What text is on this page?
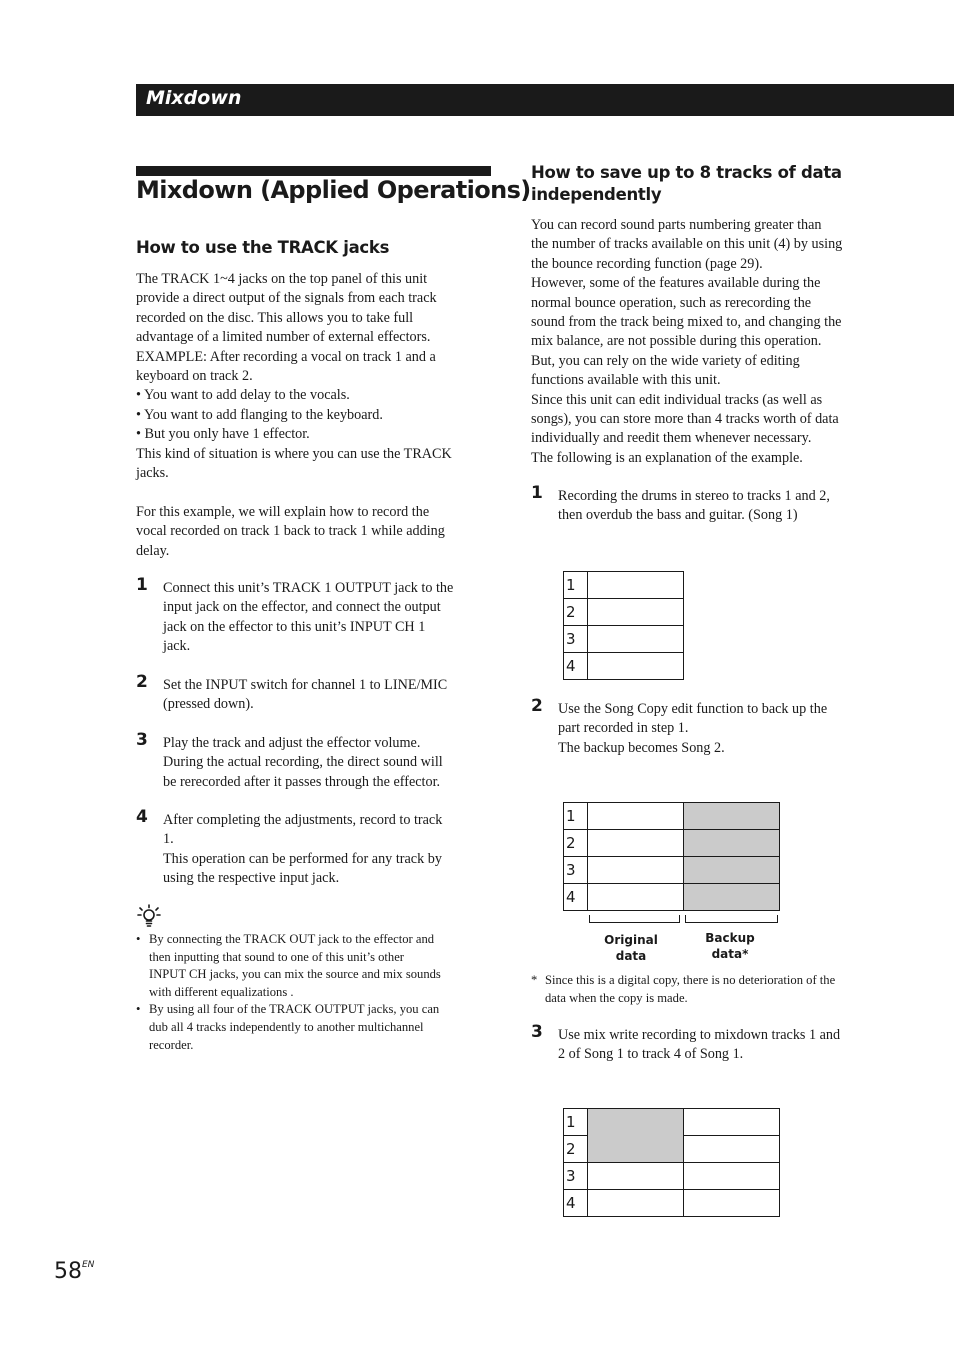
Mixdown
Mixdown (Applied Operations)
How to use the TRACK jacks

The TRACK 1~4 jacks on the top panel of this unit

provide a direct output of the signals from each track

recorded on the disc. This allows you to take full

advantage of a limited number of external effectors.

EXAMPLE: After recording a vocal on track 1 and a

keyboard on track 2.

• You want to add delay to the vocals.

• You want to add flanging to the keyboard.

• But you only have 1 effector.

This kind of situation is where you can use the TRACK

jacks.

For this example, we will explain how to record the

vocal recorded on track 1 back to track 1 while adding

delay.

1 Connect this unit’s TRACK 1 OUTPUT jack to the

input jack on the effector, and connect the output

jack on the effector to this unit’s INPUT CH 1

jack.

2 Set the INPUT switch for channel 1 to LINE/MIC

(pressed down).

3 Play the track and adjust the effector volume.

During the actual recording, the direct sound will

be rerecorded after it passes through the effector.

4 After completing the adjustments, record to track

1.

This operation can be performed for any track by

using the respective input jack.

• By connecting the TRACK OUT jack to the effector and
then inputting that sound to one of this unit’s other
INPUT CH jacks, you can mix the source and mix sounds
with different equalizations .
• By using all four of the TRACK OUTPUT jacks, you can
dub all 4 tracks independently to another multichannel
recorder.
How to save up to 8 tracks of data
independently

You can record sound parts numbering greater than

the number of tracks available on this unit (4) by using

the bounce recording function (page 29).

However, some of the features available during the

normal bounce operation, such as rerecording the

sound from the track being mixed to, and changing the

mix balance, are not possible during this operation.

But, you can rely on the wide variety of editing

functions available with this unit.

Since this unit can edit individual tracks (as well as

songs), you can store more than 4 tracks worth of data

individually and reedit them whenever necessary.

The following is an explanation of the example.

1 Recording the drums in stereo to tracks 1 and 2,

then overdub the bass and guitar. (Song 1)

1	
2	
3	
4	
2 Use the Song Copy edit function to back up the

part recorded in step 1.

The backup becomes Song 2.

1		
2		
3		
4		
Original
data
Backup
data*
* Since this is a digital copy, there is no deterioration of the
data when the copy is made.
3 Use mix write recording to mixdown tracks 1 and

2 of Song 1 to track 4 of Song 1.

1		
2		
3		
4		
$58^{EN}$
